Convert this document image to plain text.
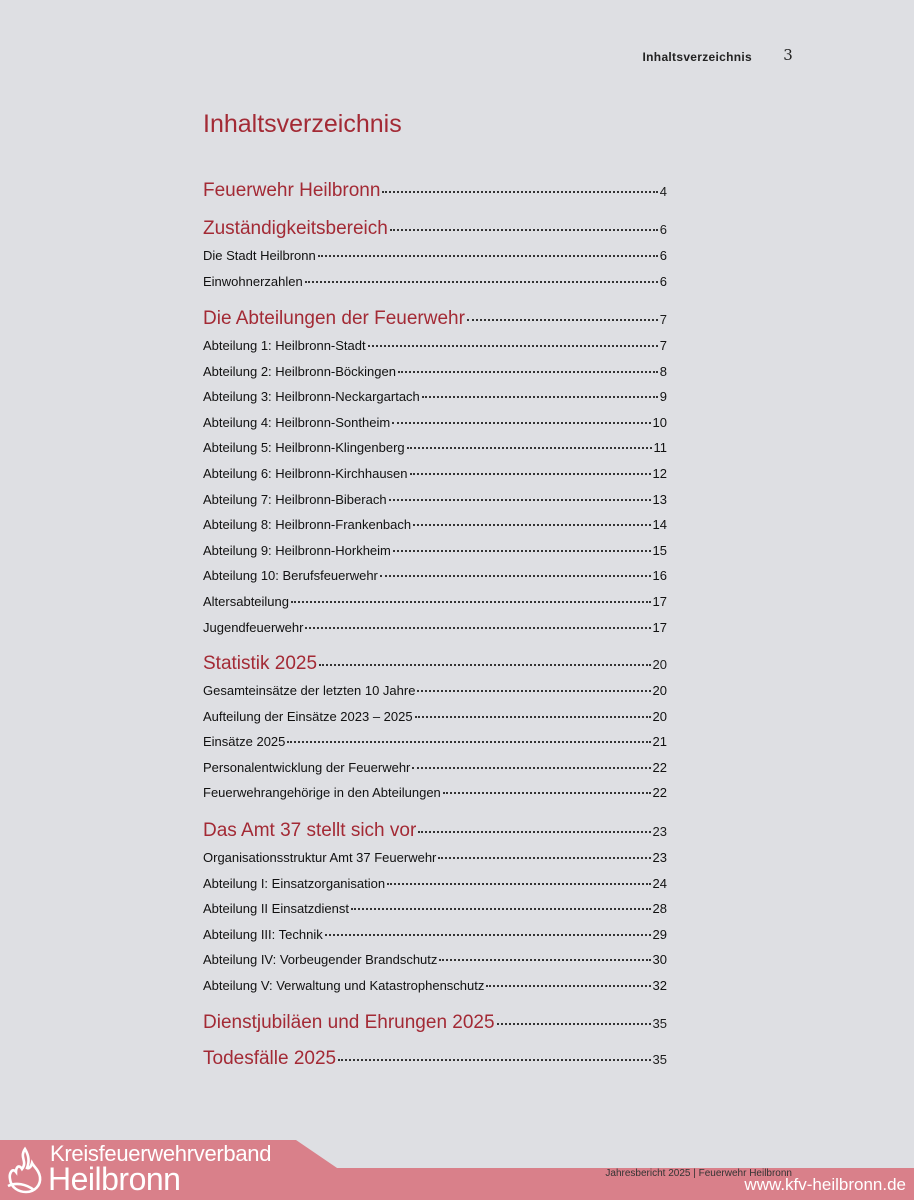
Inhaltsverzeichnis	3
Inhaltsverzeichnis
Feuerwehr Heilbronn	4
Zuständigkeitsbereich	6
Die Stadt Heilbronn	6
Einwohnerzahlen	6
Die Abteilungen der Feuerwehr	7
Abteilung 1: Heilbronn-Stadt	7
Abteilung 2: Heilbronn-Böckingen	8
Abteilung 3: Heilbronn-Neckargartach	9
Abteilung 4: Heilbronn-Sontheim	10
Abteilung 5: Heilbronn-Klingenberg	11
Abteilung 6: Heilbronn-Kirchhausen	12
Abteilung 7: Heilbronn-Biberach	13
Abteilung 8: Heilbronn-Frankenbach	14
Abteilung 9: Heilbronn-Horkheim	15
Abteilung 10: Berufsfeuerwehr	16
Altersabteilung	17
Jugendfeuerwehr	17
Statistik 2025	20
Gesamteinsätze der letzten 10 Jahre	20
Aufteilung der Einsätze 2023 – 2025	20
Einsätze 2025	21
Personalentwicklung der Feuerwehr	22
Feuerwehrangehörige in den Abteilungen	22
Das Amt 37 stellt sich vor	23
Organisationsstruktur Amt 37 Feuerwehr	23
Abteilung I: Einsatzorganisation	24
Abteilung II Einsatzdienst	28
Abteilung III: Technik	29
Abteilung IV: Vorbeugender Brandschutz	30
Abteilung V: Verwaltung und Katastrophenschutz	32
Dienstjubiläen und Ehrungen 2025	35
Todesfälle 2025	35
Kreisfeuerwehrverband
Heilbronn	Jahresbericht 2025 | Feuerwehr Heilbronn
www.kfv-heilbronn.de
